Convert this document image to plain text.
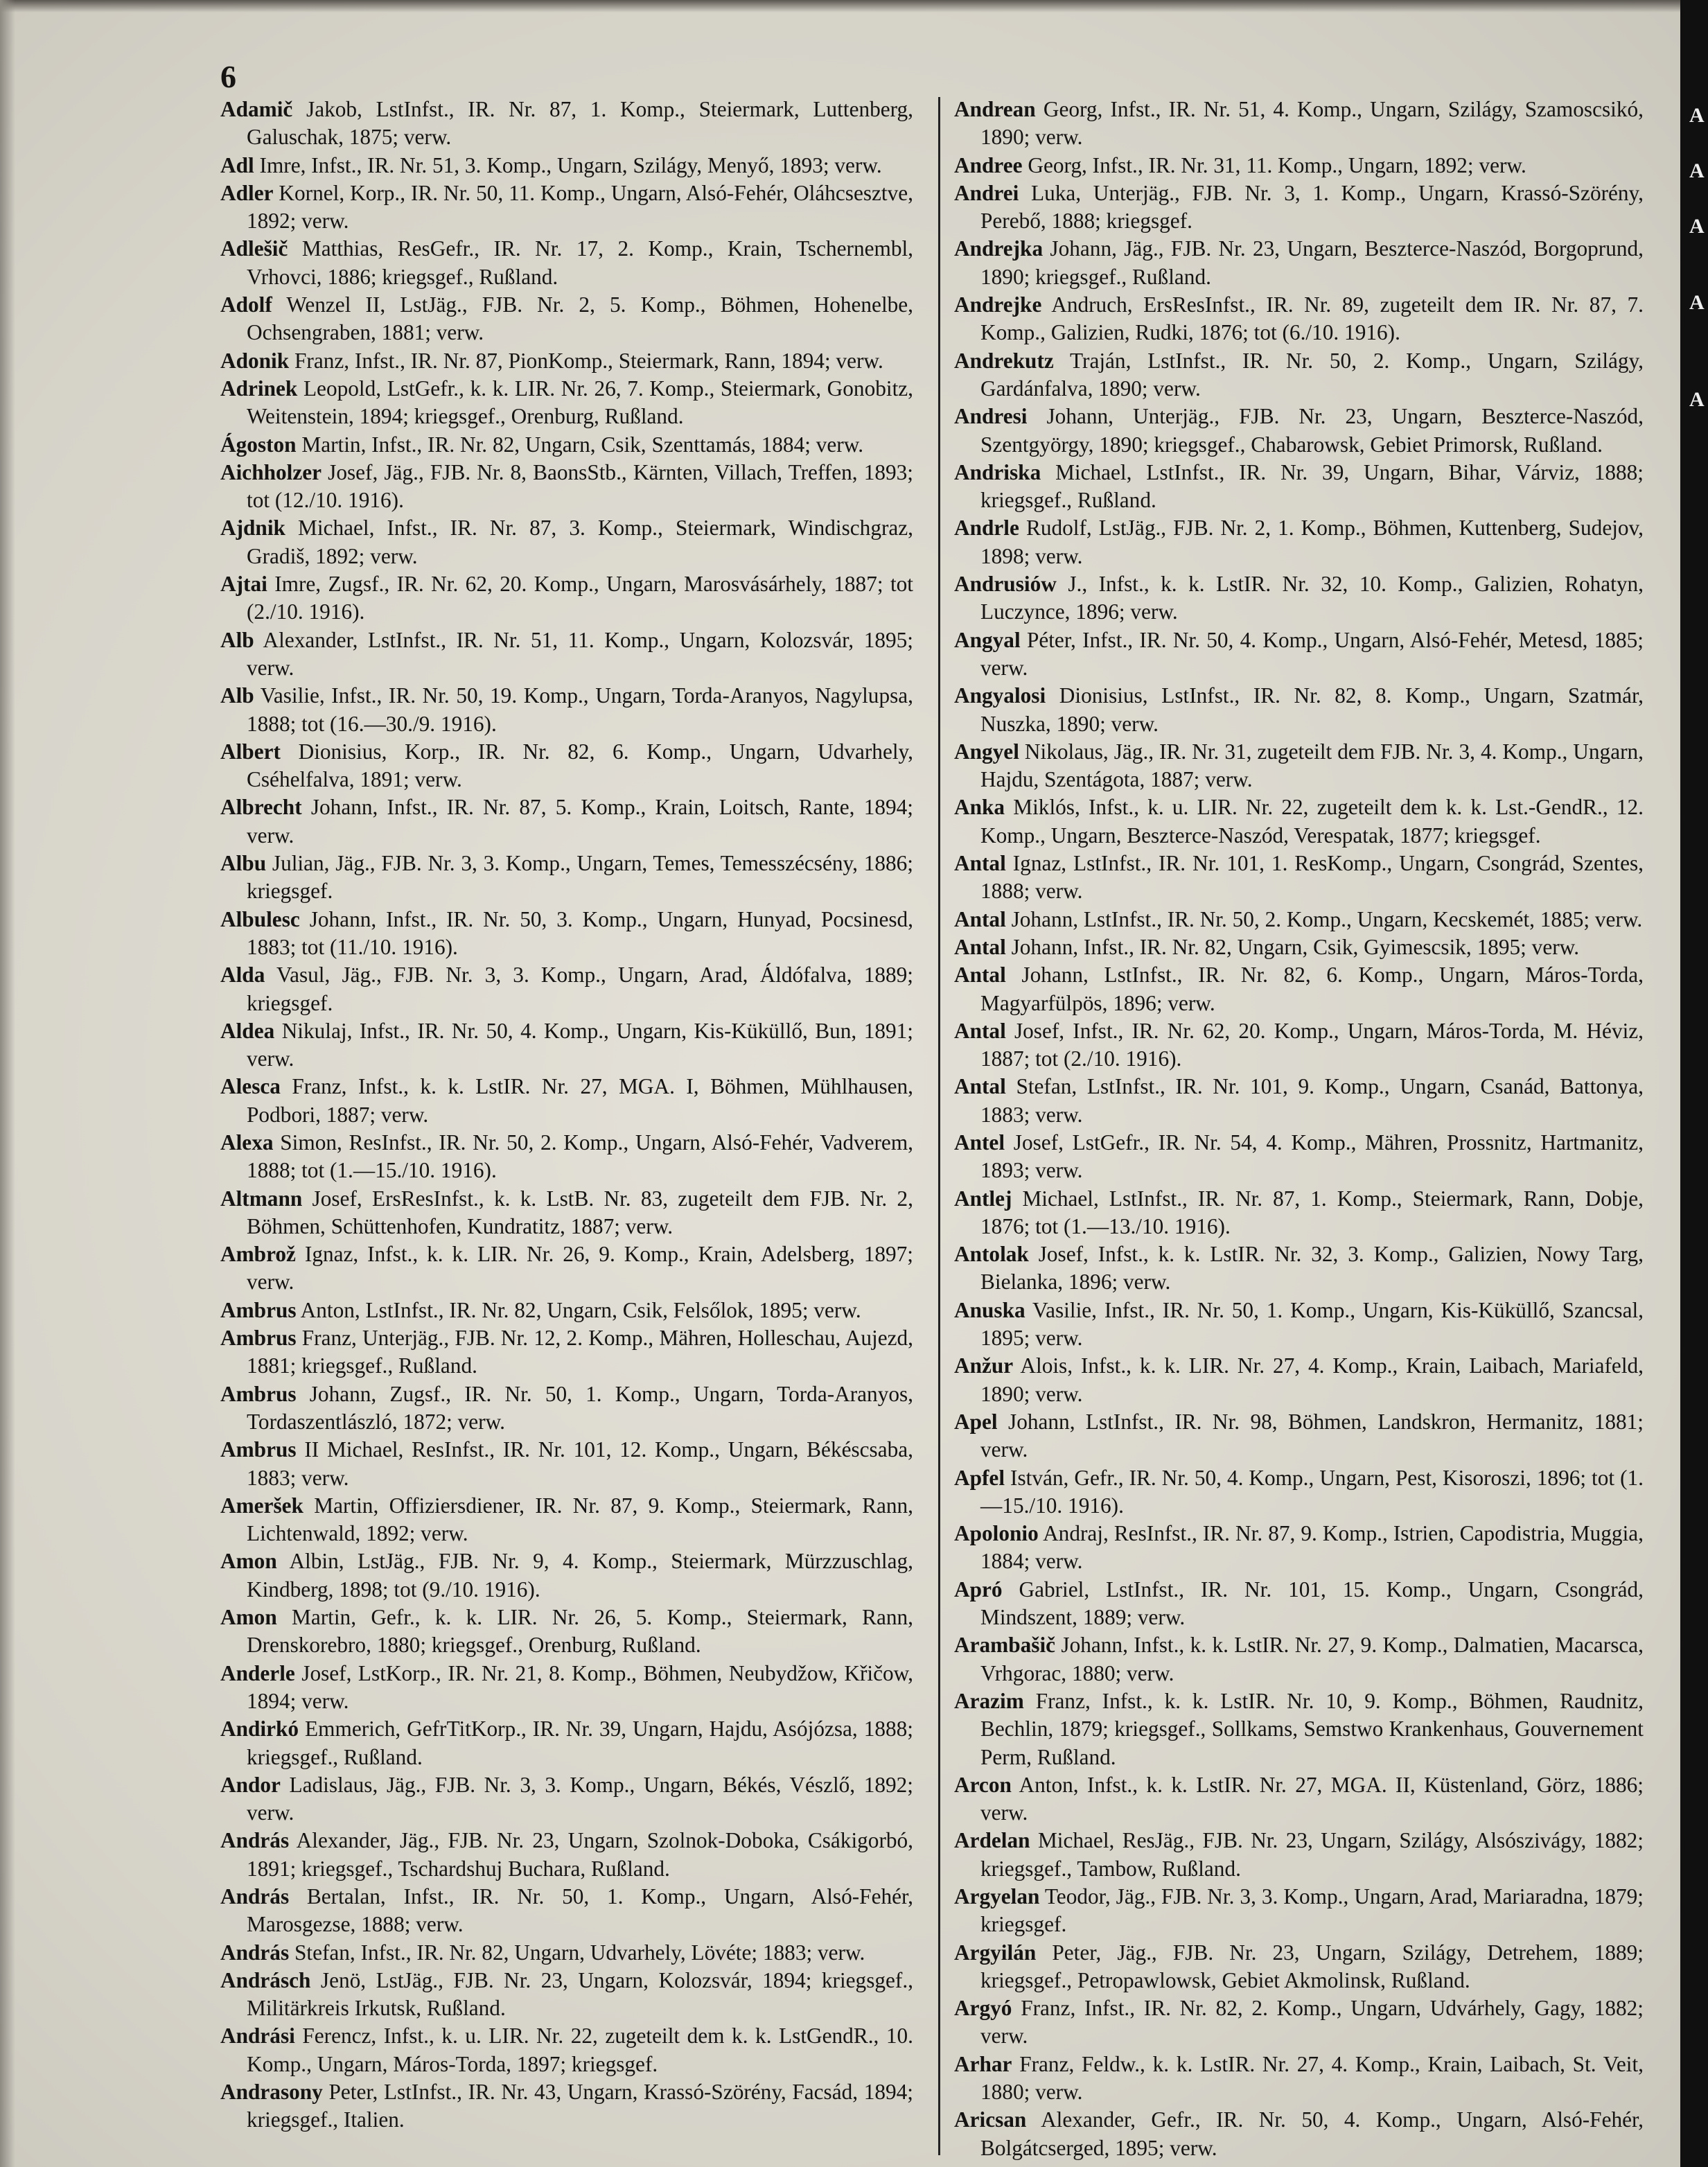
6
Adamič Jakob, LstInfst., IR. Nr. 87, 1. Komp., Steiermark, Luttenberg, Galuschak, 1875; verw.
Adl Imre, Infst., IR. Nr. 51, 3. Komp., Ungarn, Szilágy, Menyő, 1893; verw.
Adler Kornel, Korp., IR. Nr. 50, 11. Komp., Ungarn, Alsó-Fehér, Oláhcsesztve, 1892; verw.
Adlešič Matthias, ResGefr., IR. Nr. 17, 2. Komp., Krain, Tschernembl, Vrhovci, 1886; kriegsgef., Rußland.
Adolf Wenzel II, LstJäg., FJB. Nr. 2, 5. Komp., Böhmen, Hohenelbe, Ochsengraben, 1881; verw.
Adonik Franz, Infst., IR. Nr. 87, PionKomp., Steiermark, Rann, 1894; verw.
Adrinek Leopold, LstGefr., k. k. LIR. Nr. 26, 7. Komp., Steiermark, Gonobitz, Weitenstein, 1894; kriegsgef., Orenburg, Rußland.
Ágoston Martin, Infst., IR. Nr. 82, Ungarn, Csik, Szenttamás, 1884; verw.
Aichholzer Josef, Jäg., FJB. Nr. 8, BaonsStb., Kärnten, Villach, Treffen, 1893; tot (12./10. 1916).
Ajdnik Michael, Infst., IR. Nr. 87, 3. Komp., Steiermark, Windischgraz, Gradiš, 1892; verw.
Ajtai Imre, Zugsf., IR. Nr. 62, 20. Komp., Ungarn, Marosvásárhely, 1887; tot (2./10. 1916).
Alb Alexander, LstInfst., IR. Nr. 51, 11. Komp., Ungarn, Kolozsvár, 1895; verw.
Alb Vasilie, Infst., IR. Nr. 50, 19. Komp., Ungarn, Torda-Aranyos, Nagylupsa, 1888; tot (16.—30./9. 1916).
Albert Dionisius, Korp., IR. Nr. 82, 6. Komp., Ungarn, Udvarhely, Cséhelfalva, 1891; verw.
Albrecht Johann, Infst., IR. Nr. 87, 5. Komp., Krain, Loitsch, Rante, 1894; verw.
Albu Julian, Jäg., FJB. Nr. 3, 3. Komp., Ungarn, Temes, Temesszécsény, 1886; kriegsgef.
Albulesc Johann, Infst., IR. Nr. 50, 3. Komp., Ungarn, Hunyad, Pocsinesd, 1883; tot (11./10. 1916).
Alda Vasul, Jäg., FJB. Nr. 3, 3. Komp., Ungarn, Arad, Áldófalva, 1889; kriegsgef.
Aldea Nikulaj, Infst., IR. Nr. 50, 4. Komp., Ungarn, Kis-Küküllő, Bun, 1891; verw.
Alesca Franz, Infst., k. k. LstIR. Nr. 27, MGA. I, Böhmen, Mühlhausen, Podbori, 1887; verw.
Alexa Simon, ResInfst., IR. Nr. 50, 2. Komp., Ungarn, Alsó-Fehér, Vadverem, 1888; tot (1.—15./10. 1916).
Altmann Josef, ErsResInfst., k. k. LstB. Nr. 83, zugeteilt dem FJB. Nr. 2, Böhmen, Schüttenhofen, Kundratitz, 1887; verw.
Ambrož Ignaz, Infst., k. k. LIR. Nr. 26, 9. Komp., Krain, Adelsberg, 1897; verw.
Ambrus Anton, LstInfst., IR. Nr. 82, Ungarn, Csik, Felsőlok, 1895; verw.
Ambrus Franz, Unterjäg., FJB. Nr. 12, 2. Komp., Mähren, Holleschau, Aujezd, 1881; kriegsgef., Rußland.
Ambrus Johann, Zugsf., IR. Nr. 50, 1. Komp., Ungarn, Torda-Aranyos, Tordaszentlászló, 1872; verw.
Ambrus II Michael, ResInfst., IR. Nr. 101, 12. Komp., Ungarn, Békéscsaba, 1883; verw.
Ameršek Martin, Offiziersdiener, IR. Nr. 87, 9. Komp., Steiermark, Rann, Lichtenwald, 1892; verw.
Amon Albin, LstJäg., FJB. Nr. 9, 4. Komp., Steiermark, Mürzzuschlag, Kindberg, 1898; tot (9./10. 1916).
Amon Martin, Gefr., k. k. LIR. Nr. 26, 5. Komp., Steiermark, Rann, Drenskorebro, 1880; kriegsgef., Orenburg, Rußland.
Anderle Josef, LstKorp., IR. Nr. 21, 8. Komp., Böhmen, Neubydžow, Křičow, 1894; verw.
Andirkó Emmerich, GefrTitKorp., IR. Nr. 39, Ungarn, Hajdu, Asójózsa, 1888; kriegsgef., Rußland.
Andor Ladislaus, Jäg., FJB. Nr. 3, 3. Komp., Ungarn, Békés, Vészlő, 1892; verw.
András Alexander, Jäg., FJB. Nr. 23, Ungarn, Szolnok-Doboka, Csákigorbó, 1891; kriegsgef., Tschardshuj Buchara, Rußland.
András Bertalan, Infst., IR. Nr. 50, 1. Komp., Ungarn, Alsó-Fehér, Marosgezse, 1888; verw.
András Stefan, Infst., IR. Nr. 82, Ungarn, Udvarhely, Lövéte; 1883; verw.
Andrásch Jenö, LstJäg., FJB. Nr. 23, Ungarn, Kolozsvár, 1894; kriegsgef., Militärkreis Irkutsk, Rußland.
Andrási Ferencz, Infst., k. u. LIR. Nr. 22, zugeteilt dem k. k. LstGendR., 10. Komp., Ungarn, Máros-Torda, 1897; kriegsgef.
Andrasony Peter, LstInfst., IR. Nr. 43, Ungarn, Krassó-Szörény, Facsád, 1894; kriegsgef., Italien.
Andrean Georg, Infst., IR. Nr. 51, 4. Komp., Ungarn, Szilágy, Szamoscsikó, 1890; verw.
Andree Georg, Infst., IR. Nr. 31, 11. Komp., Ungarn, 1892; verw.
Andrei Luka, Unterjäg., FJB. Nr. 3, 1. Komp., Ungarn, Krassó-Szörény, Perebő, 1888; kriegsgef.
Andrejka Johann, Jäg., FJB. Nr. 23, Ungarn, Beszterce-Naszód, Borgoprund, 1890; kriegsgef., Rußland.
Andrejke Andruch, ErsResInfst., IR. Nr. 89, zugeteilt dem IR. Nr. 87, 7. Komp., Galizien, Rudki, 1876; tot (6./10. 1916).
Andrekutz Traján, LstInfst., IR. Nr. 50, 2. Komp., Ungarn, Szilágy, Gardánfalva, 1890; verw.
Andresi Johann, Unterjäg., FJB. Nr. 23, Ungarn, Beszterce-Naszód, Szentgyörgy, 1890; kriegsgef., Chabarowsk, Gebiet Primorsk, Rußland.
Andriska Michael, LstInfst., IR. Nr. 39, Ungarn, Bihar, Várviz, 1888; kriegsgef., Rußland.
Andrle Rudolf, LstJäg., FJB. Nr. 2, 1. Komp., Böhmen, Kuttenberg, Sudejov, 1898; verw.
Andrusiów J., Infst., k. k. LstIR. Nr. 32, 10. Komp., Galizien, Rohatyn, Luczynce, 1896; verw.
Angyal Péter, Infst., IR. Nr. 50, 4. Komp., Ungarn, Alsó-Fehér, Metesd, 1885; verw.
Angyalosi Dionisius, LstInfst., IR. Nr. 82, 8. Komp., Ungarn, Szatmár, Nuszka, 1890; verw.
Angyel Nikolaus, Jäg., IR. Nr. 31, zugeteilt dem FJB. Nr. 3, 4. Komp., Ungarn, Hajdu, Szentágota, 1887; verw.
Anka Miklós, Infst., k. u. LIR. Nr. 22, zugeteilt dem k. k. Lst.-GendR., 12. Komp., Ungarn, Beszterce-Naszód, Verespatak, 1877; kriegsgef.
Antal Ignaz, LstInfst., IR. Nr. 101, 1. ResKomp., Ungarn, Csongrád, Szentes, 1888; verw.
Antal Johann, LstInfst., IR. Nr. 50, 2. Komp., Ungarn, Kecskemét, 1885; verw.
Antal Johann, Infst., IR. Nr. 82, Ungarn, Csik, Gyimescsik, 1895; verw.
Antal Johann, LstInfst., IR. Nr. 82, 6. Komp., Ungarn, Máros-Torda, Magyarfülpös, 1896; verw.
Antal Josef, Infst., IR. Nr. 62, 20. Komp., Ungarn, Máros-Torda, M. Héviz, 1887; tot (2./10. 1916).
Antal Stefan, LstInfst., IR. Nr. 101, 9. Komp., Ungarn, Csanád, Battonya, 1883; verw.
Antel Josef, LstGefr., IR. Nr. 54, 4. Komp., Mähren, Prossnitz, Hartmanitz, 1893; verw.
Antlej Michael, LstInfst., IR. Nr. 87, 1. Komp., Steiermark, Rann, Dobje, 1876; tot (1.—13./10. 1916).
Antolak Josef, Infst., k. k. LstIR. Nr. 32, 3. Komp., Galizien, Nowy Targ, Bielanka, 1896; verw.
Anuska Vasilie, Infst., IR. Nr. 50, 1. Komp., Ungarn, Kis-Küküllő, Szancsal, 1895; verw.
Anžur Alois, Infst., k. k. LIR. Nr. 27, 4. Komp., Krain, Laibach, Mariafeld, 1890; verw.
Apel Johann, LstInfst., IR. Nr. 98, Böhmen, Landskron, Hermanitz, 1881; verw.
Apfel István, Gefr., IR. Nr. 50, 4. Komp., Ungarn, Pest, Kisoroszi, 1896; tot (1.—15./10. 1916).
Apolonio Andraj, ResInfst., IR. Nr. 87, 9. Komp., Istrien, Capodistria, Muggia, 1884; verw.
Apró Gabriel, LstInfst., IR. Nr. 101, 15. Komp., Ungarn, Csongrád, Mindszent, 1889; verw.
Arambašič Johann, Infst., k. k. LstIR. Nr. 27, 9. Komp., Dalmatien, Macarsca, Vrhgorac, 1880; verw.
Arazim Franz, Infst., k. k. LstIR. Nr. 10, 9. Komp., Böhmen, Raudnitz, Bechlin, 1879; kriegsgef., Sollkams, Semstwo Krankenhaus, Gouvernement Perm, Rußland.
Arcon Anton, Infst., k. k. LstIR. Nr. 27, MGA. II, Küstenland, Görz, 1886; verw.
Ardelan Michael, ResJäg., FJB. Nr. 23, Ungarn, Szilágy, Alsószivágy, 1882; kriegsgef., Tambow, Rußland.
Argyelan Teodor, Jäg., FJB. Nr. 3, 3. Komp., Ungarn, Arad, Mariaradna, 1879; kriegsgef.
Argyilán Peter, Jäg., FJB. Nr. 23, Ungarn, Szilágy, Detrehem, 1889; kriegsgef., Petropawlowsk, Gebiet Akmolinsk, Rußland.
Argyó Franz, Infst., IR. Nr. 82, 2. Komp., Ungarn, Udvárhely, Gagy, 1882; verw.
Arhar Franz, Feldw., k. k. LstIR. Nr. 27, 4. Komp., Krain, Laibach, St. Veit, 1880; verw.
Aricsan Alexander, Gefr., IR. Nr. 50, 4. Komp., Ungarn, Alsó-Fehér, Bolgátcserged, 1895; verw.
A
A
A
A
A
